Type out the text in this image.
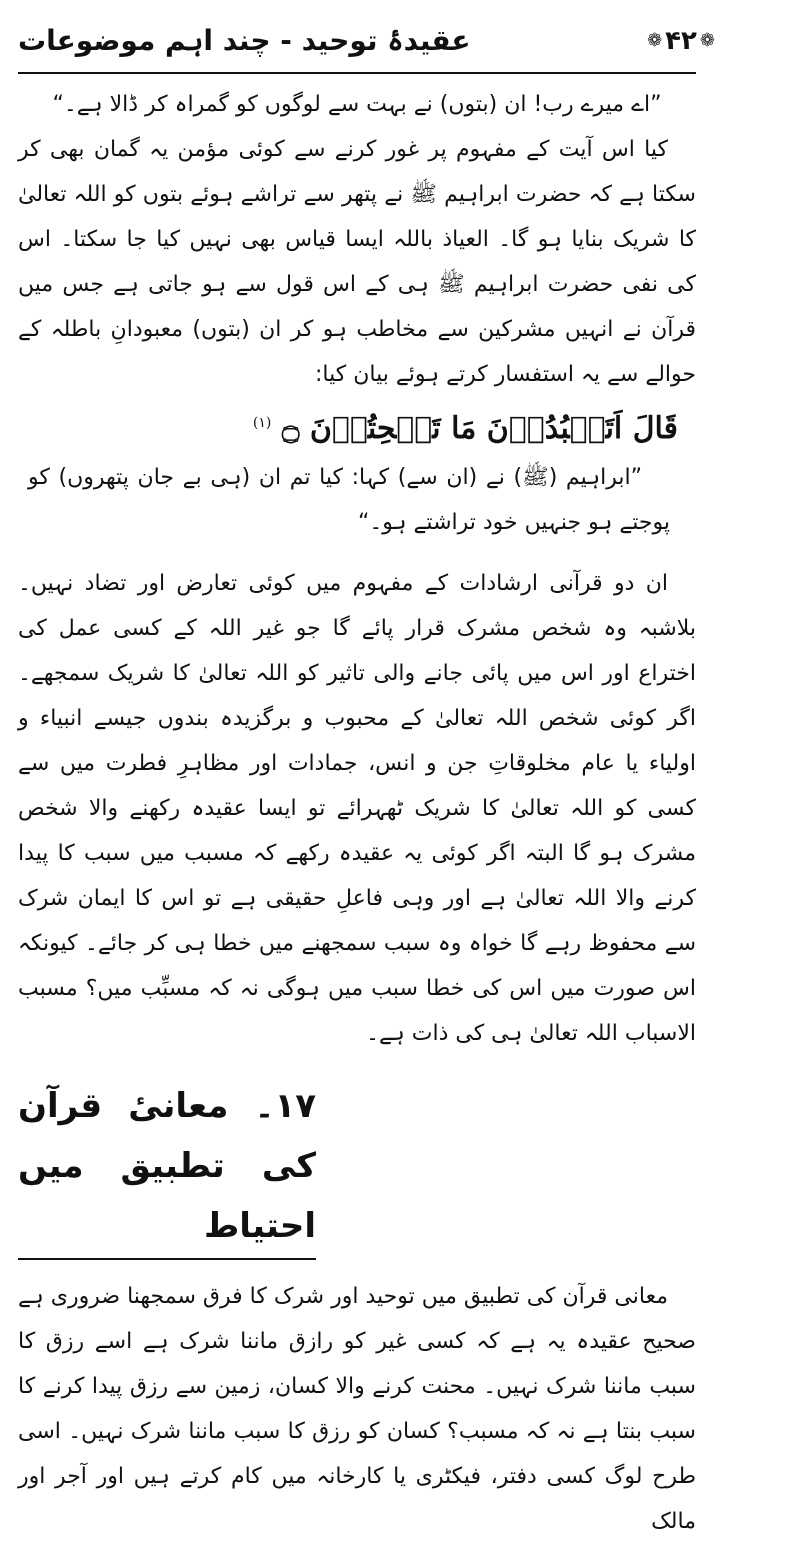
❁۴۲❁
عقیدۂ توحید - چند اہم موضوعات

”اے میرے رب! ان (بتوں) نے بہت سے لوگوں کو گمراہ کر ڈالا ہے۔“

کیا اس آیت کے مفہوم پر غور کرنے سے کوئی مؤمن یہ گمان بھی کر سکتا ہے کہ حضرت ابراہیم ﷺ نے پتھر سے تراشے ہوئے بتوں کو اللہ تعالیٰ کا شریک بنایا ہو گا۔ العیاذ باللہ ایسا قیاس بھی نہیں کیا جا سکتا۔ اس کی نفی حضرت ابراہیم ﷺ ہی کے اس قول سے ہو جاتی ہے جس میں قرآن نے انہیں مشرکین سے مخاطب ہو کر ان (بتوں) معبودانِ باطلہ کے حوالے سے یہ استفسار کرتے ہوئے بیان کیا:

قَالَ اَتَعۡبُدُوۡنَ مَا تَنۡحِتُوۡنَ ۝ $^{(۱)}$

”ابراہیم (ﷺ) نے (ان سے) کہا: کیا تم ان (ہی بے جان پتھروں) کو پوجتے ہو جنہیں خود تراشتے ہو۔“

ان دو قرآنی ارشادات کے مفہوم میں کوئی تعارض اور تضاد نہیں۔ بلاشبہ وہ شخص مشرک قرار پائے گا جو غیر اللہ کے کسی عمل کی اختراع اور اس میں پائی جانے والی تاثیر کو اللہ تعالیٰ کا شریک سمجھے۔ اگر کوئی شخص اللہ تعالیٰ کے محبوب و برگزیدہ بندوں جیسے انبیاء و اولیاء یا عام مخلوقاتِ جن و انس، جمادات اور مظاہرِ فطرت میں سے کسی کو اللہ تعالیٰ کا شریک ٹھہرائے تو ایسا عقیدہ رکھنے والا شخص مشرک ہو گا البتہ اگر کوئی یہ عقیدہ رکھے کہ مسبب میں سبب کا پیدا کرنے والا اللہ تعالیٰ ہے اور وہی فاعلِ حقیقی ہے تو اس کا ایمان شرک سے محفوظ رہے گا خواہ وہ سبب سمجھنے میں خطا ہی کر جائے۔ کیونکہ اس صورت میں اس کی خطا سبب میں ہوگی نہ کہ مسبِّب میں؟ مسبب الاسباب اللہ تعالیٰ ہی کی ذات ہے۔

۱۷۔ معانیٔ قرآن کی تطبیق میں احتیاط

معانی قرآن کی تطبیق میں توحید اور شرک کا فرق سمجھنا ضروری ہے صحیح عقیدہ یہ ہے کہ کسی غیر کو رازق ماننا شرک ہے اسے رزق کا سبب ماننا شرک نہیں۔ محنت کرنے والا کسان، زمین سے رزق پیدا کرنے کا سبب بنتا ہے نہ کہ مسبب؟ کسان کو رزق کا سبب ماننا شرک نہیں۔ اسی طرح لوگ کسی دفتر، فیکٹری یا کارخانہ میں کام کرتے ہیں اور آجر اور مالک
